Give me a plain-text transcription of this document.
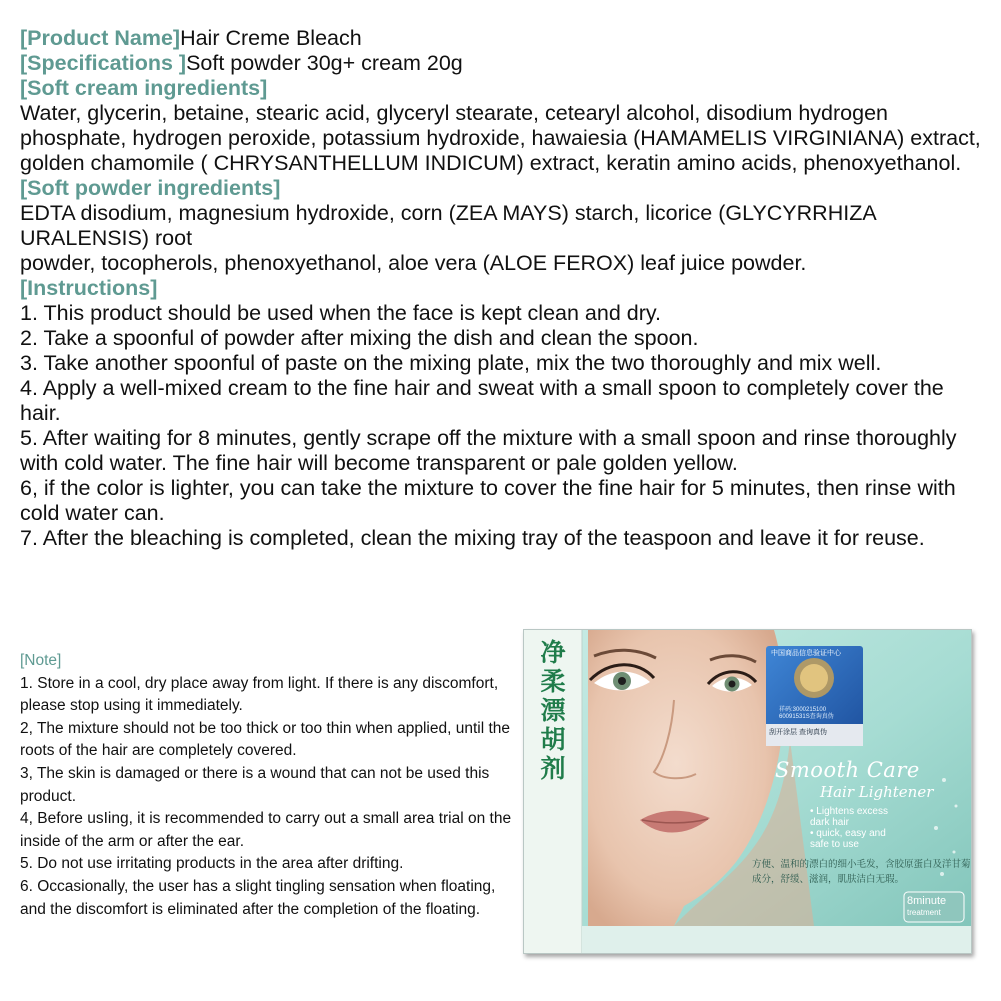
[Product Name]Hair Creme Bleach

[Specifications ]Soft powder 30g+ cream 20g

[Soft cream ingredients]

Water, glycerin, betaine, stearic acid, glyceryl stearate, cetearyl alcohol, disodium hydrogen phosphate, hydrogen peroxide, potassium hydroxide, hawaiesia (HAMAMELIS VIRGINIANA) extract, golden chamomile ( CHRYSANTHELLUM INDICUM) extract, keratin amino acids, phenoxyethanol.

[Soft powder ingredients]

EDTA disodium, magnesium hydroxide, corn (ZEA MAYS) starch, licorice (GLYCYRRHIZA URALENSIS) root

powder, tocopherols, phenoxyethanol, aloe vera (ALOE FEROX) leaf juice powder.

[Instructions]

1. This product should be used when the face is kept clean and dry.

2. Take a spoonful of powder after mixing the dish and clean the spoon.

3. Take another spoonful of paste on the mixing plate, mix the two thoroughly and mix well.

4. Apply a well-mixed cream to the fine hair and sweat with a small spoon to completely cover the hair.

5. After waiting for 8 minutes, gently scrape off the mixture with a small spoon and rinse thoroughly with cold water. The fine hair will become transparent or pale golden yellow.

6, if the color is lighter, you can take the mixture to cover the fine hair for 5 minutes, then rinse with cold water can.

7. After the bleaching is completed, clean the mixing tray of the teaspoon and leave it for reuse.

[Note]

1. Store in a cool, dry place away from light. If there is any discomfort, please stop using it immediately.

2, The mixture should not be too thick or too thin when applied, until the roots of the hair are completely covered.

3, The skin is damaged or there is a wound that can not be used this product.

4, Before usIing, it is recommended to carry out a small area trial on the inside of the arm or after the ear.

5. Do not use irritating products in the area after drifting.

6. Occasionally, the user has a slight tingling sensation when floating, and the discomfort is eliminated after the completion of the floating.

净柔漂胡剂
中国商品信息验证中心
祥码:3000215100
60091531S查询真伪
刮开涂层 查询真伪
Smooth Care
Hair Lightener
• Lightens excess
dark hair
• quick, easy and
safe to use
方便、温和的漂白的细小毛发，含胶原蛋白及洋甘菊成分，舒缓、滋润，肌肤洁白无瑕。
8minute
treatment
